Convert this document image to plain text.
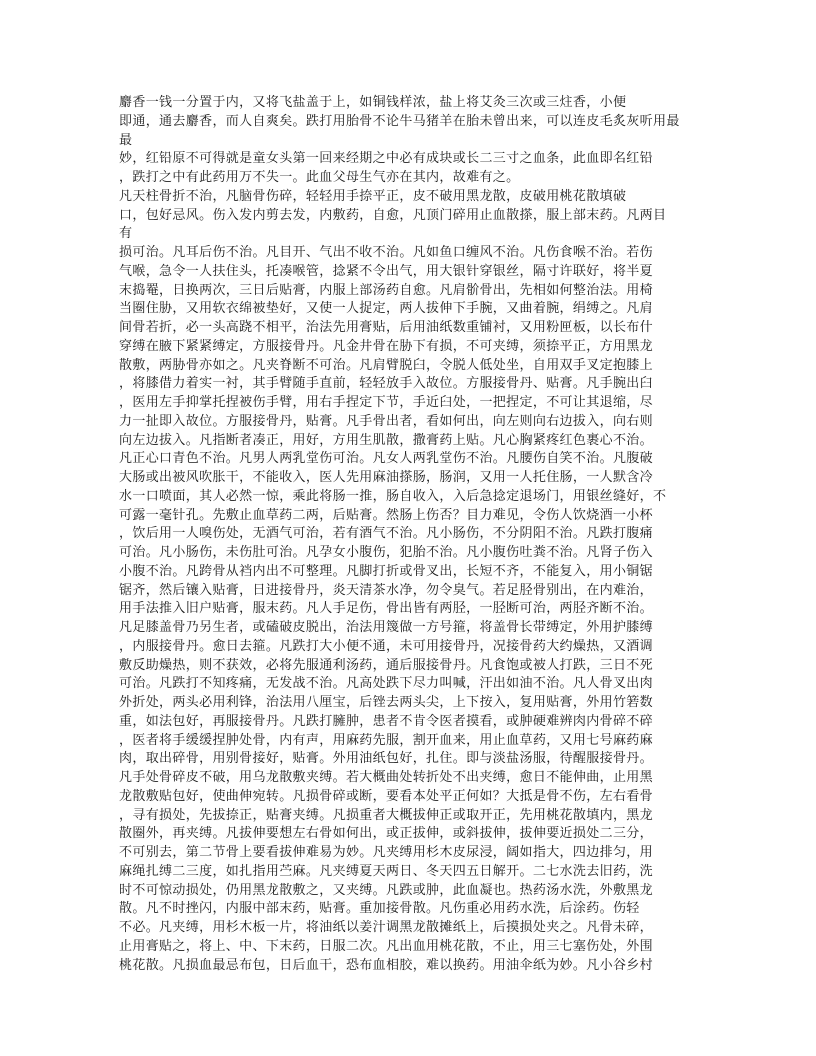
麝香一钱一分置于内，又将飞盐盖于上，如铜钱样浓，盐上将艾灸三次或三炷香，小便
即通，通去麝香，而人自爽矣。跌打用胎骨不论牛马猪羊在胎未曾出来，可以连皮毛炙灰听用最
最
妙，红铅原不可得就是童女头第一回来经期之中必有成块或长二三寸之血条，此血即名红铅
，跌打之中有此药用万不失一。此血父母生气亦在其内，故难有之。
凡天柱骨折不治，凡脑骨伤碎，轻轻用手捺平正，皮不破用黑龙散，皮破用桃花散填破
口，包好忌风。伤入发内剪去发，内敷药，自愈，凡顶门碎用止血散搽，服上部末药。凡两目
有
损可治。凡耳后伤不治。凡目开、气出不收不治。凡如鱼口缠风不治。凡伤食喉不治。若伤
气喉，急令一人扶住头，托凑喉管，捻紧不令出气，用大银针穿银丝，隔寸许联好，将半夏
末捣罨，日换两次，三日后贴膏，内服上部汤药自愈。凡肩骱骨出，先相如何整治法。用椅
当圈住胁，又用软衣绵被垫好，又使一人捉定，两人拔伸下手腕，又曲着腕，绢缚之。凡肩
间骨若折，必一头高跷不相平，治法先用膏贴，后用油纸数重铺衬，又用粉匣板，以长布什
穿缚在腋下紧紧缚定，方服接骨丹。凡金井骨在胁下有损，不可夹缚，须捺平正，方用黑龙
散敷，两胁骨亦如之。凡夹脊断不可治。凡肩臂脱臼，令脱人低处坐，自用双手叉定抱膝上
，将膝借力着实一衬，其手臂随手直前，轻轻放手入故位。方服接骨丹、贴膏。凡手腕出臼
，医用左手抑掌托捏被伤手臂，用右手捏定下节，手近臼处，一把捏定，不可让其退缩，尽
力一扯即入故位。方服接骨丹，贴膏。凡手骨出者，看如何出，向左则向右边拔入，向右则
向左边拔入。凡指断者凑正，用好，方用生肌散，撒膏药上贴。凡心胸紧疼红色裹心不治。
凡正心口青色不治。凡男人两乳堂伤可治。凡女人两乳堂伤不治。凡腰伤自笑不治。凡腹破
大肠或出被风吹胀干，不能收入，医人先用麻油搽肠，肠润，又用一人托住肠，一人默含冷
水一口喷面，其人必然一惊，乘此将肠一推，肠自收入，入后急捻定退场门，用银丝缝好，不
可露一毫针孔。先敷止血草药二两，后贴膏。然肠上伤否？目力难见，令伤人饮烧酒一小杯
，饮后用一人嗅伤处，无酒气可治，若有酒气不治。凡小肠伤，不分阴阳不治。凡跌打腹痛
可治。凡小肠伤，未伤肚可治。凡孕女小腹伤，犯胎不治。凡小腹伤吐粪不治。凡肾子伤入
小腹不治。凡跨骨从裆内出不可整理。凡脚打折或骨叉出，长短不齐，不能复入，用小铜锯
锯齐，然后镶入贴膏，日进接骨丹，炎天清茶水净，勿令臭气。若足胫骨别出，在内难治，
用手法推入旧户贴膏，服末药。凡人手足伤，骨出皆有两胫，一胫断可治，两胫齐断不治。
凡足膝盖骨乃另生者，或磕破皮脱出，治法用篾做一方号箍，将盖骨长带缚定，外用护膝缚
，内服接骨丹。愈日去箍。凡跌打大小便不通，未可用接骨丹，况接骨药大约燥热，又酒调
敷反助燥热，则不获效，必将先服通利汤药，通后服接骨丹。凡食饱或被人打跌，三日不死
可治。凡跌打不知疼痛，无发战不治。凡高处跌下尽力叫喊，汗出如油不治。凡人骨叉出肉
外折处，两头必用利锋，治法用八厘宝，后锉去两头尖，上下按入，复用贴膏，外用竹箬数
重，如法包好，再服接骨丹。凡跌打臃肿，患者不肯令医者摸看，或肿硬难辨肉内骨碎不碎
，医者将手缓缓捏肿处骨，内有声，用麻药先服，割开血来，用止血草药，又用七号麻药麻
肉，取出碎骨，用别骨接好，贴膏。外用油纸包好，扎住。即与淡盐汤服，待醒服接骨丹。
凡手处骨碎皮不破，用乌龙散敷夹缚。若大概曲处转折处不出夹缚，愈日不能伸曲，止用黑
龙散敷贴包好，使曲伸宛转。凡损骨碎或断，要看本处平正何如？大抵是骨不伤，左右看骨
，寻有损处，先拔捺正，贴膏夹缚。凡损重者大概拔伸正或取开正，先用桃花散填内，黑龙
散圈外，再夹缚。凡拔伸要想左右骨如何出，或正拔伸，或斜拔伸，拔伸要近损处二三分，
不可别去，第二节骨上要看拔伸难易为妙。凡夹缚用杉木皮尿浸，阔如指大，四边排匀，用
麻绳扎缚二三度，如扎指用苎麻。凡夹缚夏天两日、冬天四五日解开。二七水洗去旧药，洗
时不可惊动损处，仍用黑龙散敷之，又夹缚。凡跌或肿，此血凝也。热药汤水洗，外敷黑龙
散。凡不时挫闪，内服中部末药，贴膏。重加接骨散。凡伤重必用药水洗，后涂药。伤轻
不必。凡夹缚，用杉木板一片，将油纸以姜汁调黑龙散摊纸上，后摸损处夹之。凡骨未碎，
止用膏贴之，将上、中、下末药，日服二次。凡出血用桃花散，不止，用三七塞伤处，外围
桃花散。凡损血最忌布包，日后血干，恐布血相胶，难以换药。用油伞纸为妙。凡小谷乡村
